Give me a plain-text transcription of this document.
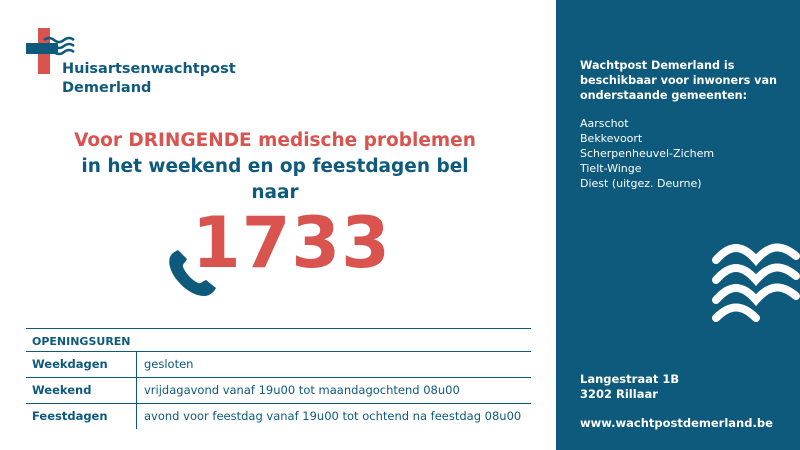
Huisartsenwachtpost
Demerland
Voor DRINGENDE medische problemen
in het weekend en op feestdagen bel naar
1733
OPENINGSUREN
Weekdagen	gesloten
Weekend	vrijdagavond vanaf 19u00 tot maandagochtend 08u00
Feestdagen	avond voor feestdag vanaf 19u00 tot ochtend na feestdag 08u00
Wachtpost Demerland is beschikbaar voor inwoners van onderstaande gemeenten:
Aarschot
Bekkevoort
Scherpenheuvel-Zichem
Tielt-Winge
Diest (uitgez. Deurne)
Langestraat 1B
3202 Rillaar
www.wachtpostdemerland.be
